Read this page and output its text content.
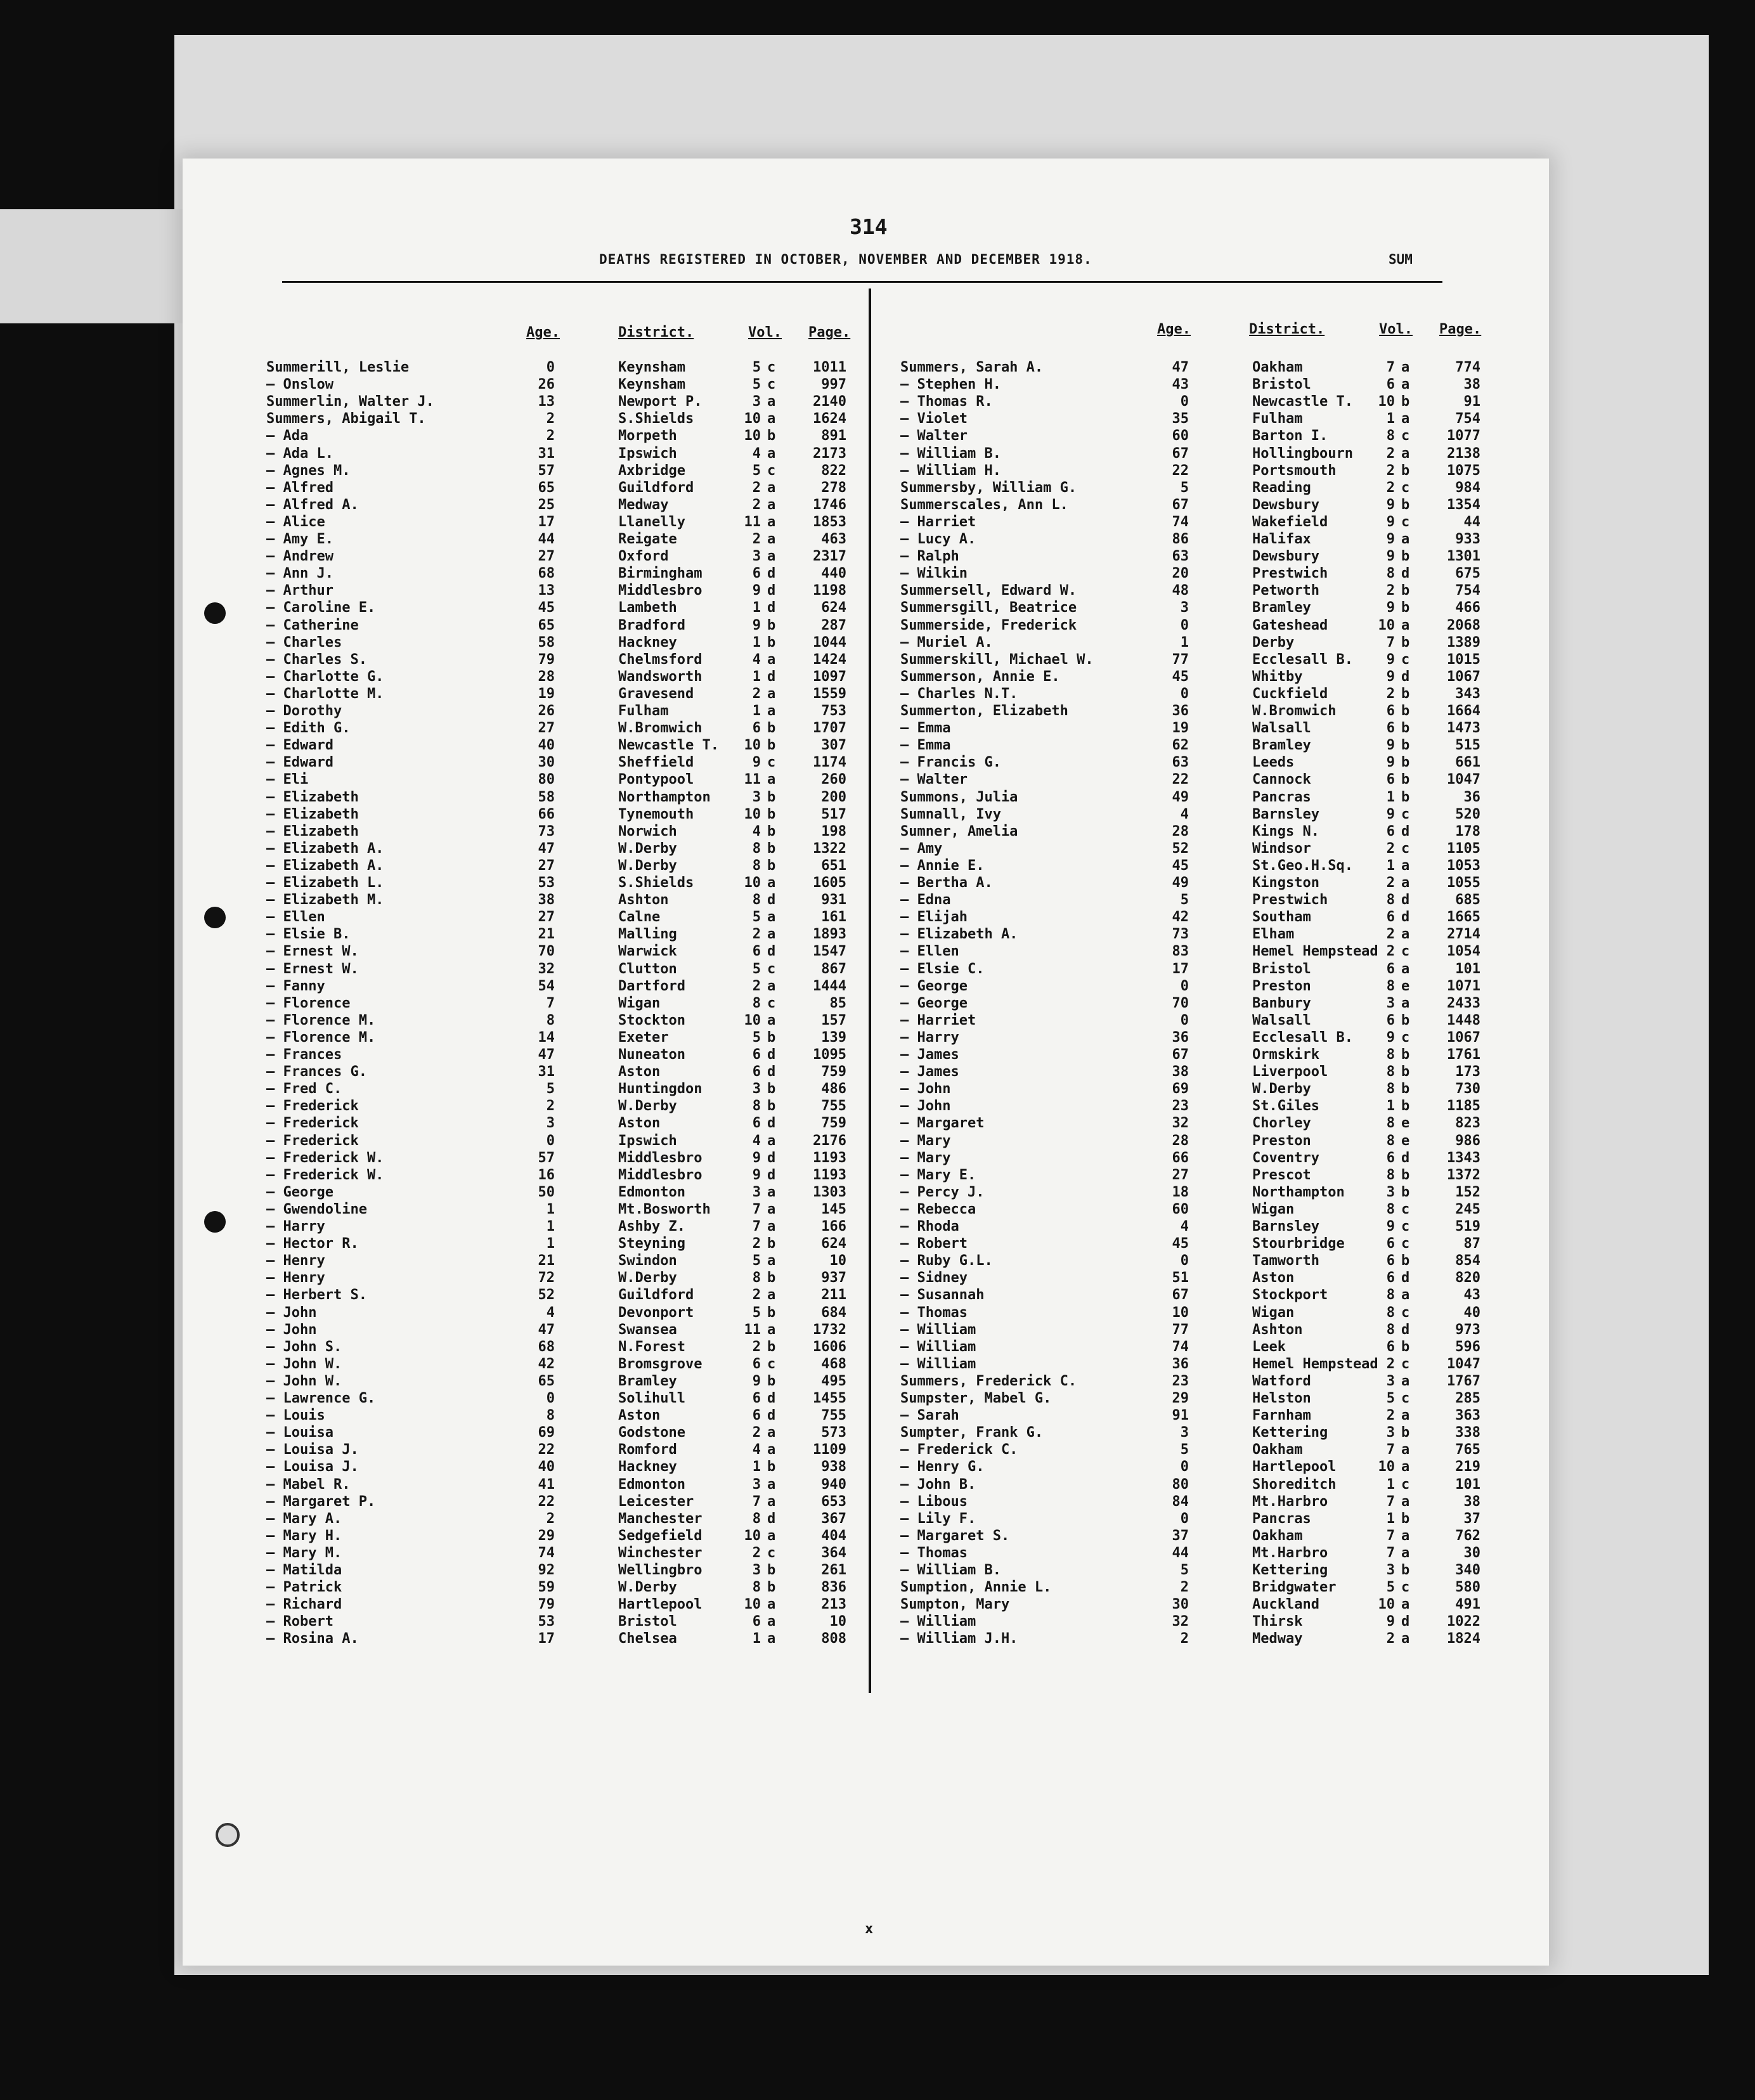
314
DEATHS REGISTERED IN OCTOBER, NOVEMBER AND DECEMBER 1918.	SUM
Age.	District.	Vol. Page.	Age.	District.	Vol. Page.
Summerill, Leslie	0	Keynsham	5 c	1011
— Onslow	26	Keynsham	5 c	997
Summerlin, Walter J.	13	Newport P.	3 a	2140
Summers, Abigail T.	2	S.Shields	10 a	1624
— Ada	2	Morpeth	10 b	891
— Ada L.	31	Ipswich	4 a	2173
— Agnes M.	57	Axbridge	5 c	822
— Alfred	65	Guildford	2 a	278
— Alfred A.	25	Medway	2 a	1746
— Alice	17	Llanelly	11 a	1853
— Amy E.	44	Reigate	2 a	463
— Andrew	27	Oxford	3 a	2317
— Ann J.	68	Birmingham	6 d	440
— Arthur	13	Middlesbro	9 d	1198
— Caroline E.	45	Lambeth	1 d	624
— Catherine	65	Bradford	9 b	287
— Charles	58	Hackney	1 b	1044
— Charles S.	79	Chelmsford	4 a	1424
— Charlotte G.	28	Wandsworth	1 d	1097
— Charlotte M.	19	Gravesend	2 a	1559
— Dorothy	26	Fulham	1 a	753
— Edith G.	27	W.Bromwich	6 b	1707
— Edward	40	Newcastle T.	10 b	307
— Edward	30	Sheffield	9 c	1174
— Eli	80	Pontypool	11 a	260
— Elizabeth	58	Northampton	3 b	200
— Elizabeth	66	Tynemouth	10 b	517
— Elizabeth	73	Norwich	4 b	198
— Elizabeth A.	47	W.Derby	8 b	1322
— Elizabeth A.	27	W.Derby	8 b	651
— Elizabeth L.	53	S.Shields	10 a	1605
— Elizabeth M.	38	Ashton	8 d	931
— Ellen	27	Calne	5 a	161
— Elsie B.	21	Malling	2 a	1893
— Ernest W.	70	Warwick	6 d	1547
— Ernest W.	32	Clutton	5 c	867
— Fanny	54	Dartford	2 a	1444
— Florence	7	Wigan	8 c	85
— Florence M.	8	Stockton	10 a	157
— Florence M.	14	Exeter	5 b	139
— Frances	47	Nuneaton	6 d	1095
— Frances G.	31	Aston	6 d	759
— Fred C.	5	Huntingdon	3 b	486
— Frederick	2	W.Derby	8 b	755
— Frederick	3	Aston	6 d	759
— Frederick	0	Ipswich	4 a	2176
— Frederick W.	57	Middlesbro	9 d	1193
— Frederick W.	16	Middlesbro	9 d	1193
— George	50	Edmonton	3 a	1303
— Gwendoline	1	Mt.Bosworth	7 a	145
— Harry	1	Ashby Z.	7 a	166
— Hector R.	1	Steyning	2 b	624
— Henry	21	Swindon	5 a	10
— Henry	72	W.Derby	8 b	937
— Herbert S.	52	Guildford	2 a	211
— John	4	Devonport	5 b	684
— John	47	Swansea	11 a	1732
— John S.	68	N.Forest	2 b	1606
— John W.	42	Bromsgrove	6 c	468
— John W.	65	Bramley	9 b	495
— Lawrence G.	0	Solihull	6 d	1455
— Louis	8	Aston	6 d	755
— Louisa	69	Godstone	2 a	573
— Louisa J.	22	Romford	4 a	1109
— Louisa J.	40	Hackney	1 b	938
— Mabel R.	41	Edmonton	3 a	940
— Margaret P.	22	Leicester	7 a	653
— Mary A.	2	Manchester	8 d	367
— Mary H.	29	Sedgefield	10 a	404
— Mary M.	74	Winchester	2 c	364
— Matilda	92	Wellingbro	3 b	261
— Patrick	59	W.Derby	8 b	836
— Richard	79	Hartlepool	10 a	213
— Robert	53	Bristol	6 a	10
— Rosina A.	17	Chelsea	1 a	808
Summers, Sarah A.	47	Oakham	7 a	774
— Stephen H.	43	Bristol	6 a	38
— Thomas R.	0	Newcastle T.	10 b	91
— Violet	35	Fulham	1 a	754
— Walter	60	Barton I.	8 c	1077
— William B.	67	Hollingbourn	2 a	2138
— William H.	22	Portsmouth	2 b	1075
Summersby, William G.	5	Reading	2 c	984
Summerscales, Ann L.	67	Dewsbury	9 b	1354
— Harriet	74	Wakefield	9 c	44
— Lucy A.	86	Halifax	9 a	933
— Ralph	63	Dewsbury	9 b	1301
— Wilkin	20	Prestwich	8 d	675
Summersell, Edward W.	48	Petworth	2 b	754
Summersgill, Beatrice	3	Bramley	9 b	466
Summerside, Frederick	0	Gateshead	10 a	2068
— Muriel A.	1	Derby	7 b	1389
Summerskill, Michael W.	77	Ecclesall B.	9 c	1015
Summerson, Annie E.	45	Whitby	9 d	1067
— Charles N.T.	0	Cuckfield	2 b	343
Summerton, Elizabeth	36	W.Bromwich	6 b	1664
— Emma	19	Walsall	6 b	1473
— Emma	62	Bramley	9 b	515
— Francis G.	63	Leeds	9 b	661
— Walter	22	Cannock	6 b	1047
Summons, Julia	49	Pancras	1 b	36
Sumnall, Ivy	4	Barnsley	9 c	520
Sumner, Amelia	28	Kings N.	6 d	178
— Amy	52	Windsor	2 c	1105
— Annie E.	45	St.Geo.H.Sq.	1 a	1053
— Bertha A.	49	Kingston	2 a	1055
— Edna	5	Prestwich	8 d	685
— Elijah	42	Southam	6 d	1665
— Elizabeth A.	73	Elham	2 a	2714
— Ellen	83	Hemel Hempstead 2 c	1054
— Elsie C.	17	Bristol	6 a	101
— George	0	Preston	8 e	1071
— George	70	Banbury	3 a	2433
— Harriet	0	Walsall	6 b	1448
— Harry	36	Ecclesall B.	9 c	1067
— James	67	Ormskirk	8 b	1761
— James	38	Liverpool	8 b	173
— John	69	W.Derby	8 b	730
— John	23	St.Giles	1 b	1185
— Margaret	32	Chorley	8 e	823
— Mary	28	Preston	8 e	986
— Mary	66	Coventry	6 d	1343
— Mary E.	27	Prescot	8 b	1372
— Percy J.	18	Northampton	3 b	152
— Rebecca	60	Wigan	8 c	245
— Rhoda	4	Barnsley	9 c	519
— Robert	45	Stourbridge	6 c	87
— Ruby G.L.	0	Tamworth	6 b	854
— Sidney	51	Aston	6 d	820
— Susannah	67	Stockport	8 a	43
— Thomas	10	Wigan	8 c	40
— William	77	Ashton	8 d	973
— William	74	Leek	6 b	596
— William	36	Hemel Hempstead 2 c	1047
Summers, Frederick C.	23	Watford	3 a	1767
Sumpster, Mabel G.	29	Helston	5 c	285
— Sarah	91	Farnham	2 a	363
Sumpter, Frank G.	3	Kettering	3 b	338
— Frederick C.	5	Oakham	7 a	765
— Henry G.	0	Hartlepool	10 a	219
— John B.	80	Shoreditch	1 c	101
— Libous	84	Mt.Harbro	7 a	38
— Lily F.	0	Pancras	1 b	37
— Margaret S.	37	Oakham	7 a	762
— Thomas	44	Mt.Harbro	7 a	30
— William B.	5	Kettering	3 b	340
Sumption, Annie L.	2	Bridgwater	5 c	580
Sumpton, Mary	30	Auckland	10 a	491
— William	32	Thirsk	9 d	1022
— William J.H.	2	Medway	2 a	1824
x
